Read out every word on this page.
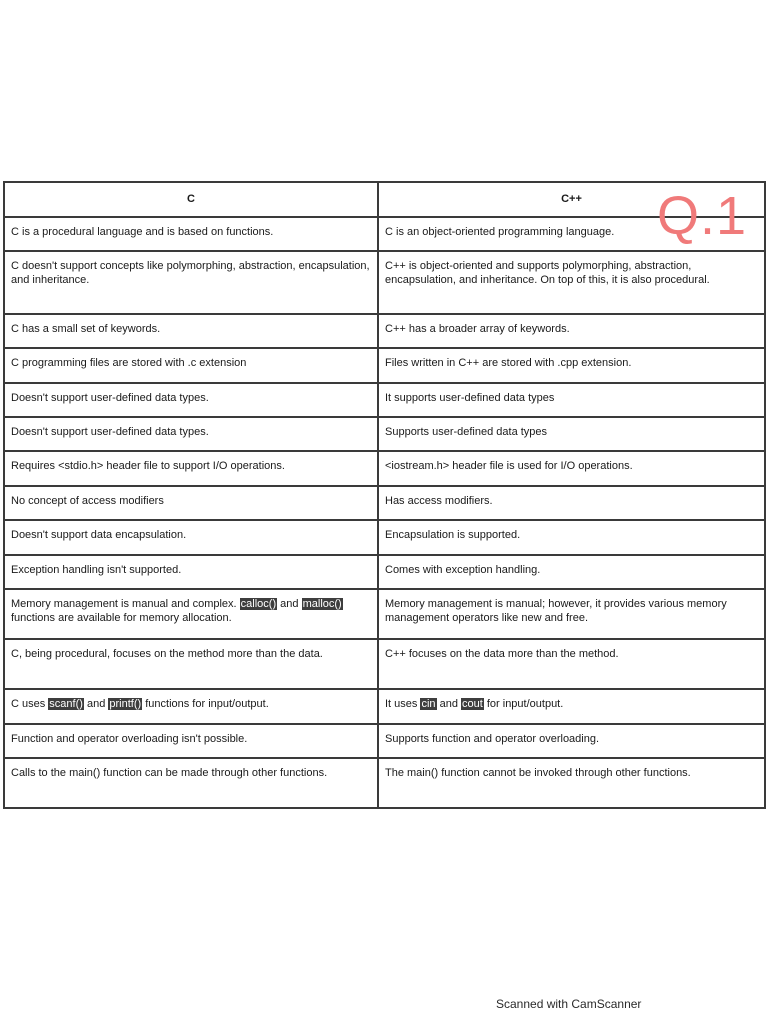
C	C++
C is a procedural language and is based on functions.	C is an object-oriented programming language.
C doesn't support concepts like polymorphing, abstraction, encapsulation, and inheritance.	C++ is object-oriented and supports polymorphing, abstraction, encapsulation, and inheritance. On top of this, it is also procedural.
C has a small set of keywords.	C++ has a broader array of keywords.
C programming files are stored with .c extension	Files written in C++ are stored with .cpp extension.
Doesn't support user-defined data types.	It supports user-defined data types
Doesn't support user-defined data types.	Supports user-defined data types
Requires <stdio.h> header file to support I/O operations.	<iostream.h> header file is used for I/O operations.
No concept of access modifiers	Has access modifiers.
Doesn't support data encapsulation.	Encapsulation is supported.
Exception handling isn't supported.	Comes with exception handling.
Memory management is manual and complex. calloc() and malloc() functions are available for memory allocation.	Memory management is manual; however, it provides various memory management operators like new and free.
C, being procedural, focuses on the method more than the data.	C++ focuses on the data more than the method.
C uses scanf() and printf() functions for input/output.	It uses cin and cout for input/output.
Function and operator overloading isn't possible.	Supports function and operator overloading.
Calls to the main() function can be made through other functions.	The main() function cannot be invoked through other functions.
Q.1
Scanned with CamScanner
